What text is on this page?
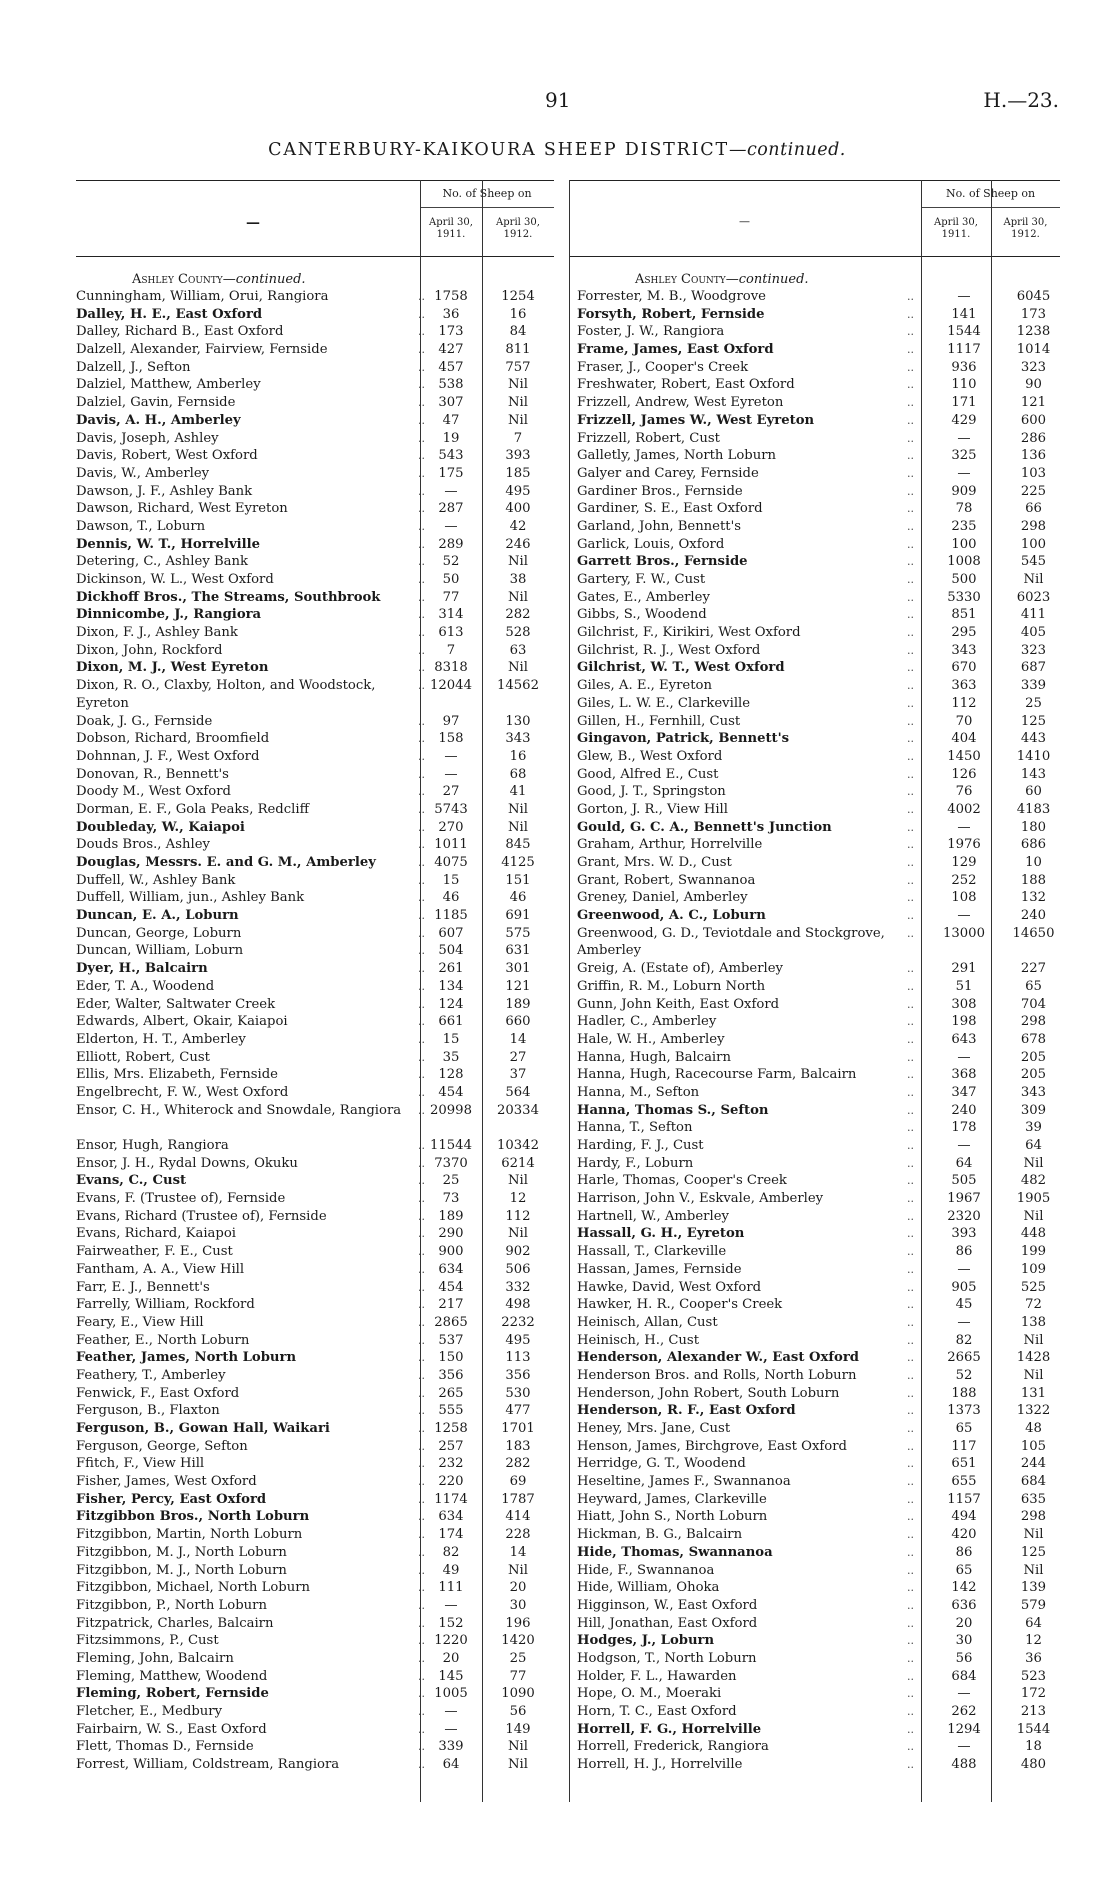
91	H.—23.
CANTERBURY-KAIKOURA SHEEP DISTRICT—continued.
—
No. of Sheep on
April 30, 1911.
April 30, 1912.
Ashley County—continued.
Cunningham, William, Orui, Rangiora	.. 1758	1254
Dalley, H. E., East Oxford	..	36	16
Dalley, Richard B., East Oxford	..	173	84
Dalzell, Alexander, Fairview, Fernside	..	427	811
Dalzell, J., Sefton	..	457	757
Dalziel, Matthew, Amberley	..	538	Nil
Dalziel, Gavin, Fernside	..	307	Nil
Davis, A. H., Amberley	..	47	Nil
Davis, Joseph, Ashley	..	19	7
Davis, Robert, West Oxford	..	543	393
Davis, W., Amberley	..	175	185
Dawson, J. F., Ashley Bank	..	—	495
Dawson, Richard, West Eyreton	..	287	400
Dawson, T., Loburn	..	—	42
Dennis, W. T., Horrelville	..	289	246
Detering, C., Ashley Bank	..	52	Nil
Dickinson, W. L., West Oxford	..	50	38
Dickhoff Bros., The Streams, Southbrook	..	77	Nil
Dinnicombe, J., Rangiora	..	314	282
Dixon, F. J., Ashley Bank	..	613	528
Dixon, John, Rockford	..	7	63
Dixon, M. J., West Eyreton	.. 8318	Nil
Dixon, R. O., Claxby, Holton, and Woodstock, Eyreton
.. 12044	14562
Doak, J. G., Fernside	..	97	130
Dobson, Richard, Broomfield	..	158	343
Dohnnan, J. F., West Oxford	..	—	16
Donovan, R., Bennett's	..	—	68
Doody M., West Oxford	..	27	41
Dorman, E. F., Gola Peaks, Redcliff	.. 5743	Nil
Doubleday, W., Kaiapoi	..	270	Nil
Douds Bros., Ashley	.. 1011	845
Douglas, Messrs. E. and G. M., Amberley	.. 4075	4125
Duffell, W., Ashley Bank	..	15	151
Duffell, William, jun., Ashley Bank	..	46	46
Duncan, E. A., Loburn	.. 1185	691
Duncan, George, Loburn	..	607	575
Duncan, William, Loburn	..	504	631
Dyer, H., Balcairn	..	261	301
Eder, T. A., Woodend	..	134	121
Eder, Walter, Saltwater Creek	..	124	189
Edwards, Albert, Okair, Kaiapoi	..	661	660
Elderton, H. T., Amberley	..	15	14
Elliott, Robert, Cust	..	35	27
Ellis, Mrs. Elizabeth, Fernside	..	128	37
Engelbrecht, F. W., West Oxford	..	454	564
Ensor, C. H., Whiterock and Snowdale, Rangiora	.. 20998	20334
Ensor, Hugh, Rangiora	.. 11544	10342
Ensor, J. H., Rydal Downs, Okuku	.. 7370	6214
Evans, C., Cust	..	25	Nil
Evans, F. (Trustee of), Fernside	..	73	12
Evans, Richard (Trustee of), Fernside	..	189	112
Evans, Richard, Kaiapoi	..	290	Nil
Fairweather, F. E., Cust	..	900	902
Fantham, A. A., View Hill	..	634	506
Farr, E. J., Bennett's	..	454	332
Farrelly, William, Rockford	..	217	498
Feary, E., View Hill	.. 2865	2232
Feather, E., North Loburn	..	537	495
Feather, James, North Loburn	..	150	113
Feathery, T., Amberley	..	356	356
Fenwick, F., East Oxford	..	265	530
Ferguson, B., Flaxton	..	555	477
Ferguson, B., Gowan Hall, Waikari	.. 1258	1701
Ferguson, George, Sefton	..	257	183
Ffitch, F., View Hill	..	232	282
Fisher, James, West Oxford	..	220	69
Fisher, Percy, East Oxford	.. 1174	1787
Fitzgibbon Bros., North Loburn	..	634	414
Fitzgibbon, Martin, North Loburn	..	174	228
Fitzgibbon, M. J., North Loburn	..	82	14
Fitzgibbon, M. J., North Loburn	..	49	Nil
Fitzgibbon, Michael, North Loburn	..	111	20
Fitzgibbon, P., North Loburn	..	—	30
Fitzpatrick, Charles, Balcairn	..	152	196
Fitzsimmons, P., Cust	.. 1220	1420
Fleming, John, Balcairn	..	20	25
Fleming, Matthew, Woodend	..	145	77
Fleming, Robert, Fernside	.. 1005	1090
Fletcher, E., Medbury	..	—	56
Fairbairn, W. S., East Oxford	..	—	149
Flett, Thomas D., Fernside	..	339	Nil
Forrest, William, Coldstream, Rangiora	..	64	Nil
—
No. of Sheep on
April 30, 1911.
April 30, 1912.
Ashley County—continued.
Forrester, M. B., Woodgrove	..	—	6045
Forsyth, Robert, Fernside	..	141	173
Foster, J. W., Rangiora	..	1544	1238
Frame, James, East Oxford	..	1117	1014
Fraser, J., Cooper's Creek	..	936	323
Freshwater, Robert, East Oxford	..	110	90
Frizzell, Andrew, West Eyreton	..	171	121
Frizzell, James W., West Eyreton	..	429	600
Frizzell, Robert, Cust	..	—	286
Galletly, James, North Loburn	..	325	136
Galyer and Carey, Fernside	..	—	103
Gardiner Bros., Fernside	..	909	225
Gardiner, S. E., East Oxford	..	78	66
Garland, John, Bennett's	..	235	298
Garlick, Louis, Oxford	..	100	100
Garrett Bros., Fernside	..	1008	545
Gartery, F. W., Cust	..	500	Nil
Gates, E., Amberley	..	5330	6023
Gibbs, S., Woodend	..	851	411
Gilchrist, F., Kirikiri, West Oxford	..	295	405
Gilchrist, R. J., West Oxford	..	343	323
Gilchrist, W. T., West Oxford	..	670	687
Giles, A. E., Eyreton	..	363	339
Giles, L. W. E., Clarkeville	..	112	25
Gillen, H., Fernhill, Cust	..	70	125
Gingavon, Patrick, Bennett's	..	404	443
Glew, B., West Oxford	..	1450	1410
Good, Alfred E., Cust	..	126	143
Good, J. T., Springston	..	76	60
Gorton, J. R., View Hill	..	4002	4183
Gould, G. C. A., Bennett's Junction	..	—	180
Graham, Arthur, Horrelville	..	1976	686
Grant, Mrs. W. D., Cust	..	129	10
Grant, Robert, Swannanoa	..	252	188
Greney, Daniel, Amberley	..	108	132
Greenwood, A. C., Loburn	..	—	240
Greenwood, G. D., Teviotdale and Stockgrove, Amberley
..	13000	14650
Greig, A. (Estate of), Amberley	..	291	227
Griffin, R. M., Loburn North	..	51	65
Gunn, John Keith, East Oxford	..	308	704
Hadler, C., Amberley	..	198	298
Hale, W. H., Amberley	..	643	678
Hanna, Hugh, Balcairn	..	—	205
Hanna, Hugh, Racecourse Farm, Balcairn	..	368	205
Hanna, M., Sefton	..	347	343
Hanna, Thomas S., Sefton	..	240	309
Hanna, T., Sefton	..	178	39
Harding, F. J., Cust	..	—	64
Hardy, F., Loburn	..	64	Nil
Harle, Thomas, Cooper's Creek	..	505	482
Harrison, John V., Eskvale, Amberley	..	1967	1905
Hartnell, W., Amberley	..	2320	Nil
Hassall, G. H., Eyreton	..	393	448
Hassall, T., Clarkeville	..	86	199
Hassan, James, Fernside	..	—	109
Hawke, David, West Oxford	..	905	525
Hawker, H. R., Cooper's Creek	..	45	72
Heinisch, Allan, Cust	..	—	138
Heinisch, H., Cust	..	82	Nil
Henderson, Alexander W., East Oxford	..	2665	1428
Henderson Bros. and Rolls, North Loburn	..	52	Nil
Henderson, John Robert, South Loburn	..	188	131
Henderson, R. F., East Oxford	..	1373	1322
Heney, Mrs. Jane, Cust	..	65	48
Henson, James, Birchgrove, East Oxford	..	117	105
Herridge, G. T., Woodend	..	651	244
Heseltine, James F., Swannanoa	..	655	684
Heyward, James, Clarkeville	..	1157	635
Hiatt, John S., North Loburn	..	494	298
Hickman, B. G., Balcairn	..	420	Nil
Hide, Thomas, Swannanoa	..	86	125
Hide, F., Swannanoa	..	65	Nil
Hide, William, Ohoka	..	142	139
Higginson, W., East Oxford	..	636	579
Hill, Jonathan, East Oxford	..	20	64
Hodges, J., Loburn	..	30	12
Hodgson, T., North Loburn	..	56	36
Holder, F. L., Hawarden	..	684	523
Hope, O. M., Moeraki	..	—	172
Horn, T. C., East Oxford	..	262	213
Horrell, F. G., Horrelville	..	1294	1544
Horrell, Frederick, Rangiora	..	—	18
Horrell, H. J., Horrelville	..	488	480
